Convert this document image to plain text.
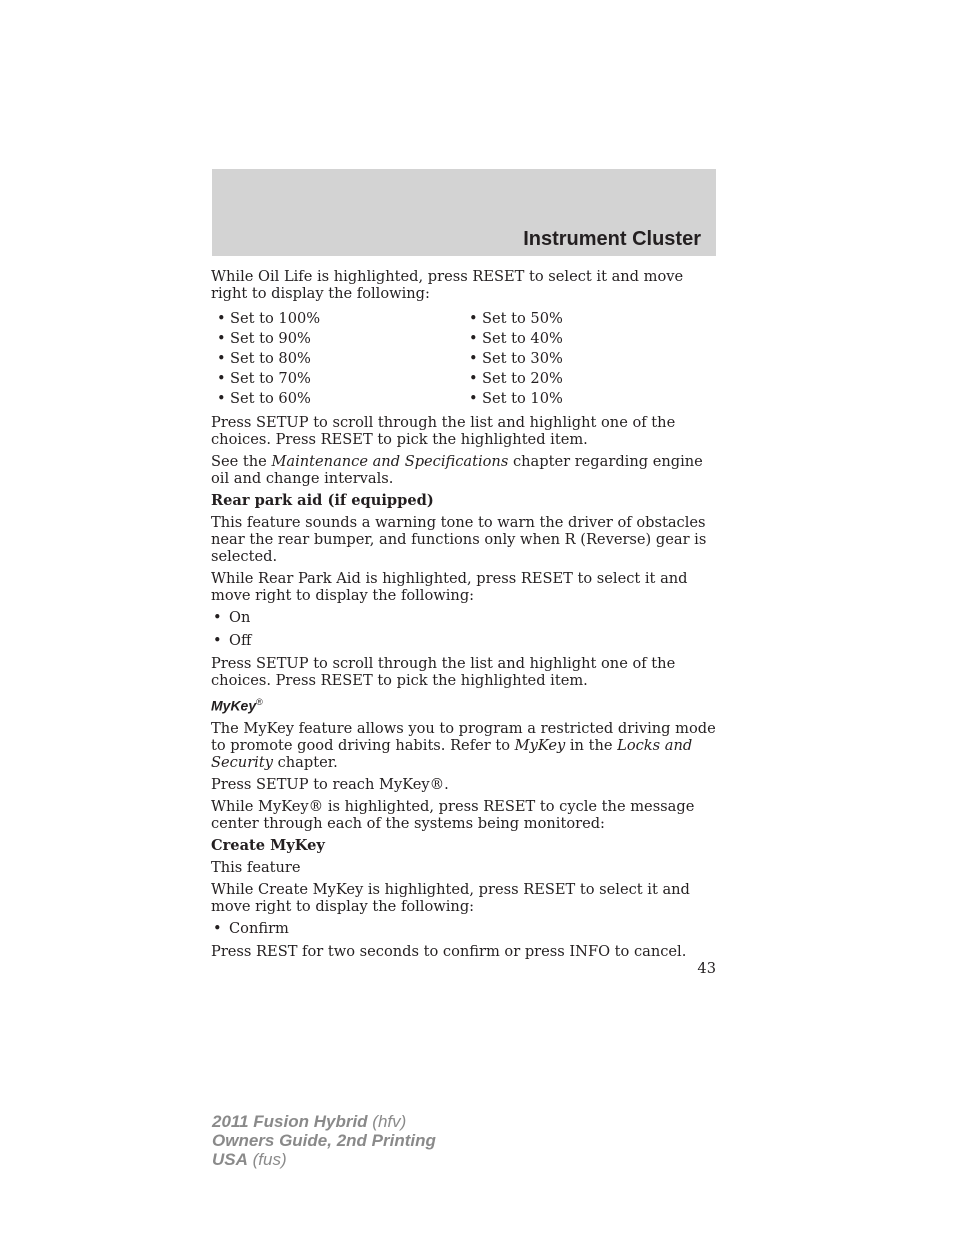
Instrument Cluster

While Oil Life is highlighted, press RESET to select it and move right to display the following:

• Set to 100%	• Set to 50%
• Set to 90%	• Set to 40%
• Set to 80%	• Set to 30%
• Set to 70%	• Set to 20%
• Set to 60%	• Set to 10%

Press SETUP to scroll through the list and highlight one of the choices. Press RESET to pick the highlighted item.

See the Maintenance and Specifications chapter regarding engine oil and change intervals.

Rear park aid (if equipped)

This feature sounds a warning tone to warn the driver of obstacles near the rear bumper, and functions only when R (Reverse) gear is selected.

While Rear Park Aid is highlighted, press RESET to select it and move right to display the following:

• On
• Off

Press SETUP to scroll through the list and highlight one of the choices. Press RESET to pick the highlighted item.

MyKey®

The MyKey feature allows you to program a restricted driving mode to promote good driving habits. Refer to MyKey in the Locks and Security chapter.

Press SETUP to reach MyKey®.

While MyKey® is highlighted, press RESET to cycle the message center through each of the systems being monitored:

Create MyKey

This feature

While Create MyKey is highlighted, press RESET to select it and move right to display the following:

• Confirm

Press REST for two seconds to confirm or press INFO to cancel.

43
2011 Fusion Hybrid (hfv)
Owners Guide, 2nd Printing
USA (fus)
